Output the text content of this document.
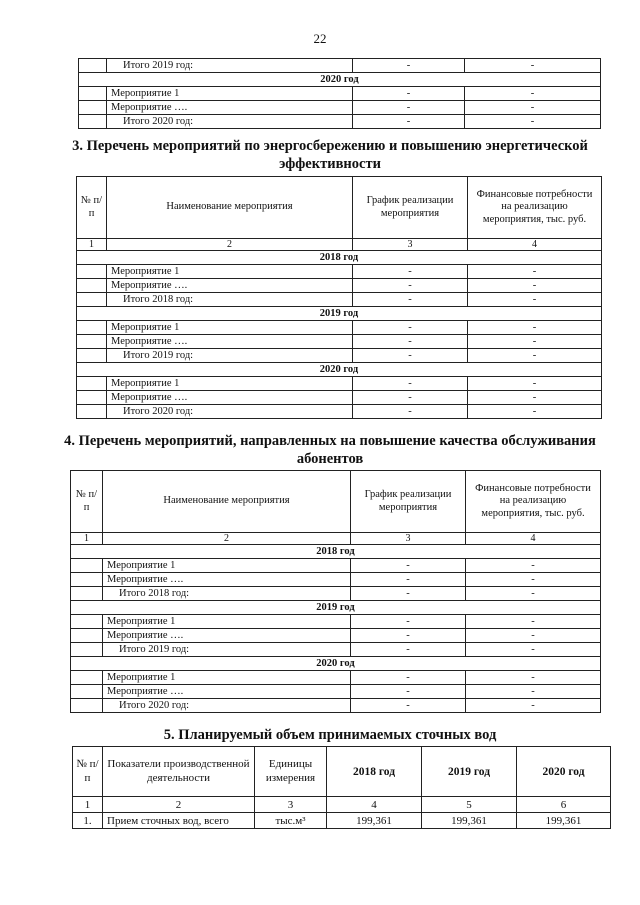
22
	Итого 2019 год:	-	-
2020 год			
	Мероприятие 1	-	-
	Мероприятие ….	-	-
	Итого 2020 год:	-	-
3. Перечень мероприятий по энергосбережению и повышению энергетической эффективности
№ п/п	Наименование мероприятия	График реализации мероприятия	Финансовые потребности на реализацию мероприятия, тыс. руб.
1	2	3	4
2018 год			
	Мероприятие 1	-	-
	Мероприятие ….	-	-
	Итого 2018 год:	-	-
2019 год			
	Мероприятие 1	-	-
	Мероприятие ….	-	-
	Итого 2019 год:	-	-
2020 год			
	Мероприятие 1	-	-
	Мероприятие ….	-	-
	Итого 2020 год:	-	-
4. Перечень мероприятий, направленных на повышение качества обслуживания абонентов
№ п/п	Наименование мероприятия	График реализации мероприятия	Финансовые потребности на реализацию мероприятия, тыс. руб.
1	2	3	4
2018 год			
	Мероприятие 1	-	-
	Мероприятие ….	-	-
	Итого 2018 год:	-	-
2019 год			
	Мероприятие 1	-	-
	Мероприятие ….	-	-
	Итого 2019 год:	-	-
2020 год			
	Мероприятие 1	-	-
	Мероприятие ….	-	-
	Итого 2020 год:	-	-
5. Планируемый объем принимаемых сточных вод
№ п/п	Показатели производственной деятельности	Единицы измерения	2018 год	2019 год	2020 год
1	2	3	4	5	6
1.	Прием сточных вод, всего	тыс.м³	199,361	199,361	199,361
